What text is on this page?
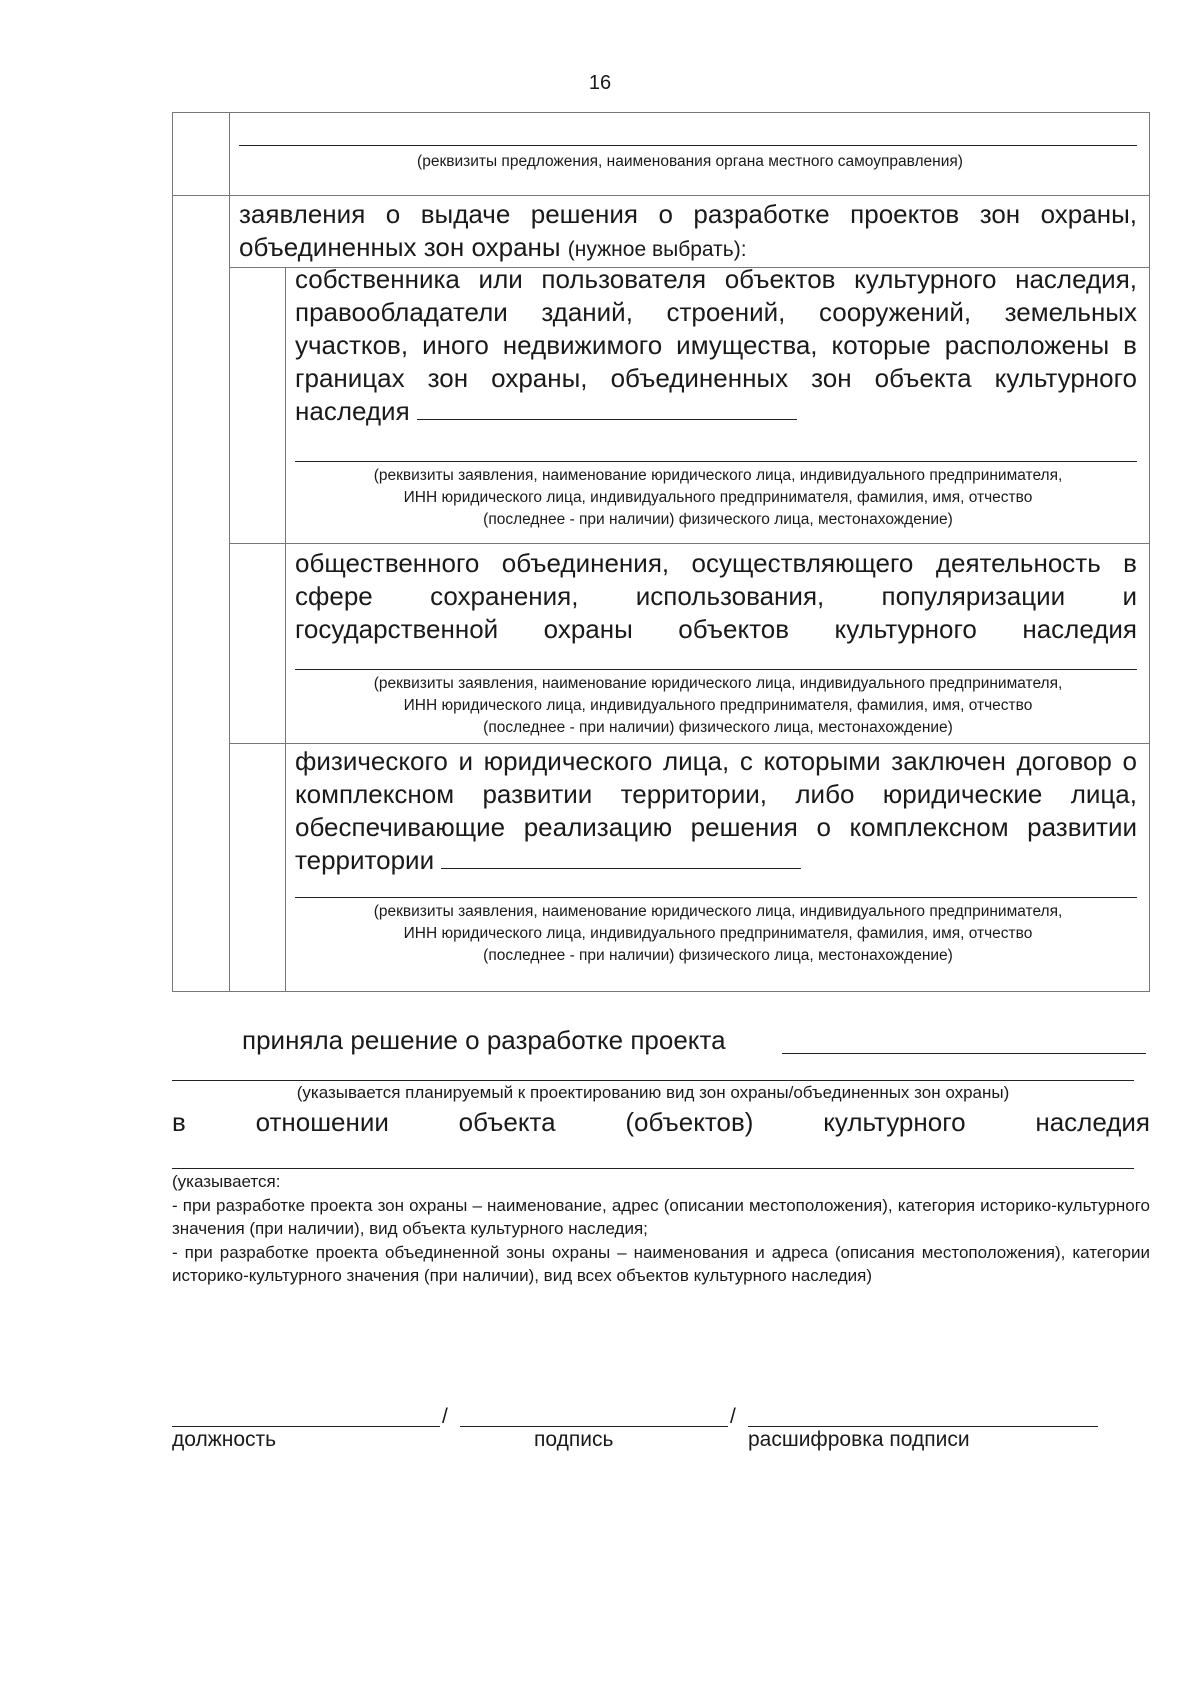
16
(реквизиты предложения, наименования органа местного самоуправления)
заявления о выдаче решения о разработке проектов зон охраны, объединенных зон охраны (нужное выбрать):
собственника или пользователя объектов культурного наследия, правообладатели зданий, строений, сооружений, земельных участков, иного недвижимого имущества, которые расположены в границах зон охраны, объединенных зон объекта культурного наследия
(реквизиты заявления, наименование юридического лица, индивидуального предпринимателя,
ИНН юридического лица, индивидуального предпринимателя, фамилия, имя, отчество
(последнее - при наличии) физического лица, местонахождение)
общественного объединения, осуществляющего деятельность в сфере сохранения, использования, популяризации и государственной охраны объектов культурного наследия
(реквизиты заявления, наименование юридического лица, индивидуального предпринимателя,
ИНН юридического лица, индивидуального предпринимателя, фамилия, имя, отчество
(последнее - при наличии) физического лица, местонахождение)
физического и юридического лица, с которыми заключен договор о комплексном развитии территории, либо юридические лица, обеспечивающие реализацию решения о комплексном развитии территории
(реквизиты заявления, наименование юридического лица, индивидуального предпринимателя,
ИНН юридического лица, индивидуального предпринимателя, фамилия, имя, отчество
(последнее - при наличии) физического лица, местонахождение)
приняла решение о разработке проекта
(указывается планируемый к проектированию вид зон охраны/объединенных зон охраны)
в отношении объекта (объектов) культурного наследия
(указывается:
- при разработке проекта зон охраны – наименование, адрес (описании местоположения), категория историко-культурного значения (при наличии), вид объекта культурного наследия;
- при разработке проекта объединенной зоны охраны – наименования и адреса (описания местоположения), категории историко-культурного значения (при наличии), вид всех объектов культурного наследия)
/	/
должность	подпись	расшифровка подписи
